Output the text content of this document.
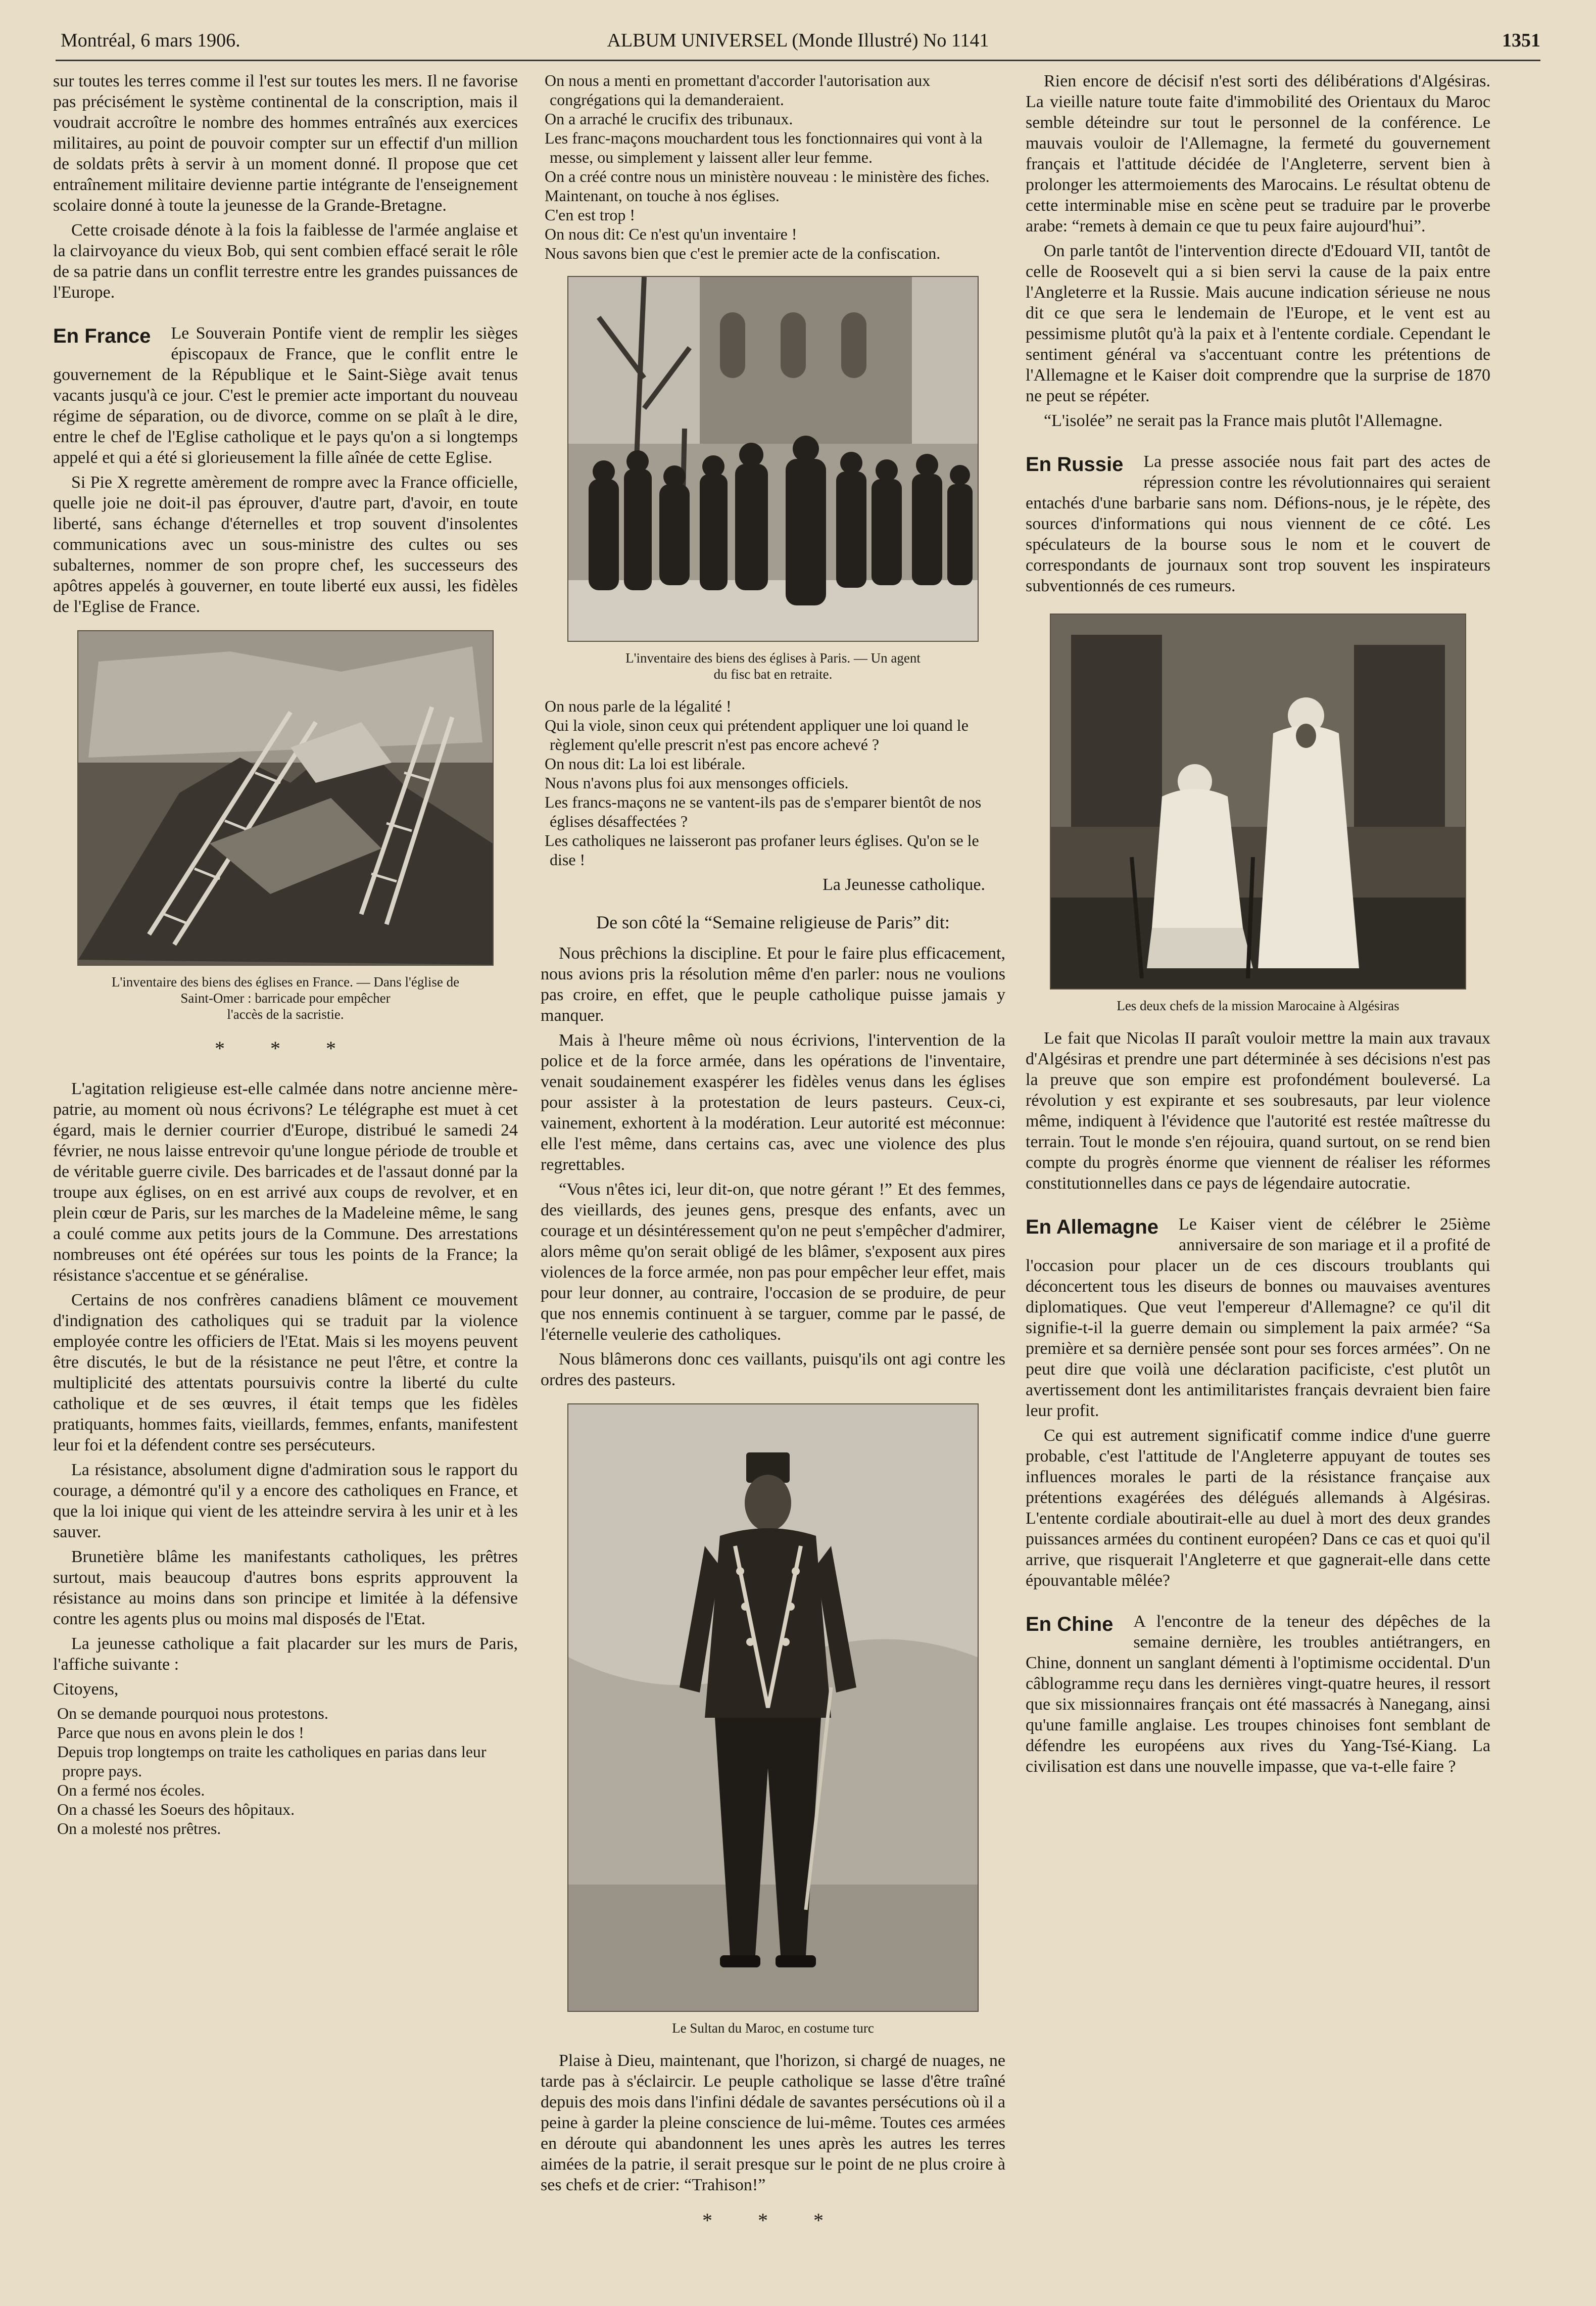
Montréal, 6 mars 1906.	ALBUM UNIVERSEL (Monde Illustré) No 1141	1351

sur toutes les terres comme il l'est sur toutes les mers. Il ne favorise pas précisément le système continental de la conscription, mais il voudrait accroître le nombre des hommes entraînés aux exercices militaires, au point de pouvoir compter sur un effectif d'un million de soldats prêts à servir à un moment donné. Il propose que cet entraînement militaire devienne partie intégrante de l'enseignement scolaire donné à toute la jeunesse de la Grande-Bretagne.

Cette croisade dénote à la fois la faiblesse de l'armée anglaise et la clairvoyance du vieux Bob, qui sent combien effacé serait le rôle de sa patrie dans un conflit terrestre entre les grandes puissances de l'Europe.

En France	Le Souverain Pontife vient de remplir les sièges épiscopaux de France, que le conflit entre le gouvernement de la République et le Saint-Siège avait tenus vacants jusqu'à ce jour. C'est le premier acte important du nouveau régime de séparation, ou de divorce, comme on se plaît à le dire, entre le chef de l'Eglise catholique et le pays qu'on a si longtemps appelé et qui a été si glorieusement la fille aînée de cette Eglise.

Si Pie X regrette amèrement de rompre avec la France officielle, quelle joie ne doit-il pas éprouver, d'autre part, d'avoir, en toute liberté, sans échange d'éternelles et trop souvent d'insolentes communications avec un sous-ministre des cultes ou ses subalternes, nommer de son propre chef, les successeurs des apôtres appelés à gouverner, en toute liberté eux aussi, les fidèles de l'Eglise de France.

L'inventaire des biens des églises en France. — Dans l'église de
Saint-Omer : barricade pour empêcher
l'accès de la sacristie.
* * *

L'agitation religieuse est-elle calmée dans notre ancienne mère-patrie, au moment où nous écrivons? Le télégraphe est muet à cet égard, mais le dernier courrier d'Europe, distribué le samedi 24 février, ne nous laisse entrevoir qu'une longue période de trouble et de véritable guerre civile. Des barricades et de l'assaut donné par la troupe aux églises, on en est arrivé aux coups de revolver, et en plein cœur de Paris, sur les marches de la Madeleine même, le sang a coulé comme aux petits jours de la Commune. Des arrestations nombreuses ont été opérées sur tous les points de la France; la résistance s'accentue et se généralise.

Certains de nos confrères canadiens blâment ce mouvement d'indignation des catholiques qui se traduit par la violence employée contre les officiers de l'Etat. Mais si les moyens peuvent être discutés, le but de la résistance ne peut l'être, et contre la multiplicité des attentats poursuivis contre la liberté du culte catholique et de ses œuvres, il était temps que les fidèles pratiquants, hommes faits, vieillards, femmes, enfants, manifestent leur foi et la défendent contre ses persécuteurs.

La résistance, absolument digne d'admiration sous le rapport du courage, a démontré qu'il y a encore des catholiques en France, et que la loi inique qui vient de les atteindre servira à les unir et à les sauver.

Brunetière blâme les manifestants catholiques, les prêtres surtout, mais beaucoup d'autres bons esprits approuvent la résistance au moins dans son principe et limitée à la défensive contre les agents plus ou moins mal disposés de l'Etat.

La jeunesse catholique a fait placarder sur les murs de Paris, l'affiche suivante :

Citoyens,

On se demande pourquoi nous protestons.
Parce que nous en avons plein le dos !
Depuis trop longtemps on traite les catholiques en parias dans leur propre pays.
On a fermé nos écoles.
On a chassé les Soeurs des hôpitaux.
On a molesté nos prêtres.
On nous a menti en promettant d'accorder l'autorisation aux congrégations qui la demanderaient.
On a arraché le crucifix des tribunaux.
Les franc-maçons mouchardent tous les fonctionnaires qui vont à la messe, ou simplement y laissent aller leur femme.
On a créé contre nous un ministère nouveau : le ministère des fiches.
Maintenant, on touche à nos églises.
C'en est trop !
On nous dit: Ce n'est qu'un inventaire !
Nous savons bien que c'est le premier acte de la confiscation.
L'inventaire des biens des églises à Paris. — Un agent
du fisc bat en retraite.
On nous parle de la légalité !
Qui la viole, sinon ceux qui prétendent appliquer une loi quand le règlement qu'elle prescrit n'est pas encore achevé ?
On nous dit: La loi est libérale.
Nous n'avons plus foi aux mensonges officiels.
Les francs-maçons ne se vantent-ils pas de s'emparer bientôt de nos églises désaffectées ?
Les catholiques ne laisseront pas profaner leurs églises. Qu'on se le dise !

La Jeunesse catholique.

De son côté la “Semaine religieuse de Paris” dit:

Nous prêchions la discipline. Et pour le faire plus efficacement, nous avions pris la résolution même d'en parler: nous ne voulions pas croire, en effet, que le peuple catholique puisse jamais y manquer.

Mais à l'heure même où nous écrivions, l'intervention de la police et de la force armée, dans les opérations de l'inventaire, venait soudainement exaspérer les fidèles venus dans les églises pour assister à la protestation de leurs pasteurs. Ceux-ci, vainement, exhortent à la modération. Leur autorité est méconnue: elle l'est même, dans certains cas, avec une violence des plus regrettables.

“Vous n'êtes ici, leur dit-on, que notre gérant !” Et des femmes, des vieillards, des jeunes gens, presque des enfants, avec un courage et un désintéressement qu'on ne peut s'empêcher d'admirer, alors même qu'on serait obligé de les blâmer, s'exposent aux pires violences de la force armée, non pas pour empêcher leur effet, mais pour leur donner, au contraire, l'occasion de se produire, de peur que nos ennemis continuent à se targuer, comme par le passé, de l'éternelle veulerie des catholiques.

Nous blâmerons donc ces vaillants, puisqu'ils ont agi contre les ordres des pasteurs.

Le Sultan du Maroc, en costume turc

Plaise à Dieu, maintenant, que l'horizon, si chargé de nuages, ne tarde pas à s'éclaircir. Le peuple catholique se lasse d'être traîné depuis des mois dans l'infini dédale de savantes persécutions où il a peine à garder la pleine conscience de lui-même. Toutes ces armées en déroute qui abandonnent les unes après les autres les terres aimées de la patrie, il serait presque sur le point de ne plus croire à ses chefs et de crier: “Trahison!”

* * *

Rien encore de décisif n'est sorti des délibérations d'Algésiras. La vieille nature toute faite d'immobilité des Orientaux du Maroc semble déteindre sur tout le personnel de la conférence. Le mauvais vouloir de l'Allemagne, la fermeté du gouvernement français et l'attitude décidée de l'Angleterre, servent bien à prolonger les attermoiements des Marocains. Le résultat obtenu de cette interminable mise en scène peut se traduire par le proverbe arabe: “remets à demain ce que tu peux faire aujourd'hui”.

On parle tantôt de l'intervention directe d'Edouard VII, tantôt de celle de Roosevelt qui a si bien servi la cause de la paix entre l'Angleterre et la Russie. Mais aucune indication sérieuse ne nous dit ce que sera le lendemain de l'Europe, et le vent est au pessimisme plutôt qu'à la paix et à l'entente cordiale. Cependant le sentiment général va s'accentuant contre les prétentions de l'Allemagne et le Kaiser doit comprendre que la surprise de 1870 ne peut se répéter.

“L'isolée” ne serait pas la France mais plutôt l'Allemagne.

En Russie	La presse associée nous fait part des actes de répression contre les révolutionnaires qui seraient entachés d'une barbarie sans nom. Défions-nous, je le répète, des sources d'informations qui nous viennent de ce côté. Les spéculateurs de la bourse sous le nom et le couvert de correspondants de journaux sont trop souvent les inspirateurs subventionnés de ces rumeurs.

Les deux chefs de la mission Marocaine à Algésiras

Le fait que Nicolas II paraît vouloir mettre la main aux travaux d'Algésiras et prendre une part déterminée à ses décisions n'est pas la preuve que son empire est profondément bouleversé. La révolution y est expirante et ses soubresauts, par leur violence même, indiquent à l'évidence que l'autorité est restée maîtresse du terrain. Tout le monde s'en réjouira, quand surtout, on se rend bien compte du progrès énorme que viennent de réaliser les réformes constitutionnelles dans ce pays de légendaire autocratie.

En Allemagne	Le Kaiser vient de célébrer le 25ième anniversaire de son mariage et il a profité de l'occasion pour placer un de ces discours troublants qui déconcertent tous les diseurs de bonnes ou mauvaises aventures diplomatiques. Que veut l'empereur d'Allemagne? ce qu'il dit signifie-t-il la guerre demain ou simplement la paix armée? “Sa première et sa dernière pensée sont pour ses forces armées”. On ne peut dire que voilà une déclaration pacificiste, c'est plutôt un avertissement dont les antimilitaristes français devraient bien faire leur profit.

Ce qui est autrement significatif comme indice d'une guerre probable, c'est l'attitude de l'Angleterre appuyant de toutes ses influences morales le parti de la résistance française aux prétentions exagérées des délégués allemands à Algésiras. L'entente cordiale aboutirait-elle au duel à mort des deux grandes puissances armées du continent européen? Dans ce cas et quoi qu'il arrive, que risquerait l'Angleterre et que gagnerait-elle dans cette épouvantable mêlée?

En Chine	A l'encontre de la teneur des dépêches de la semaine dernière, les troubles antiétrangers, en Chine, donnent un sanglant démenti à l'optimisme occidental. D'un câblogramme reçu dans les dernières vingt-quatre heures, il ressort que six missionnaires français ont été massacrés à Nanegang, ainsi qu'une famille anglaise. Les troupes chinoises font semblant de défendre les européens aux rives du Yang-Tsé-Kiang. La civilisation est dans une nouvelle impasse, que va-t-elle faire ?
